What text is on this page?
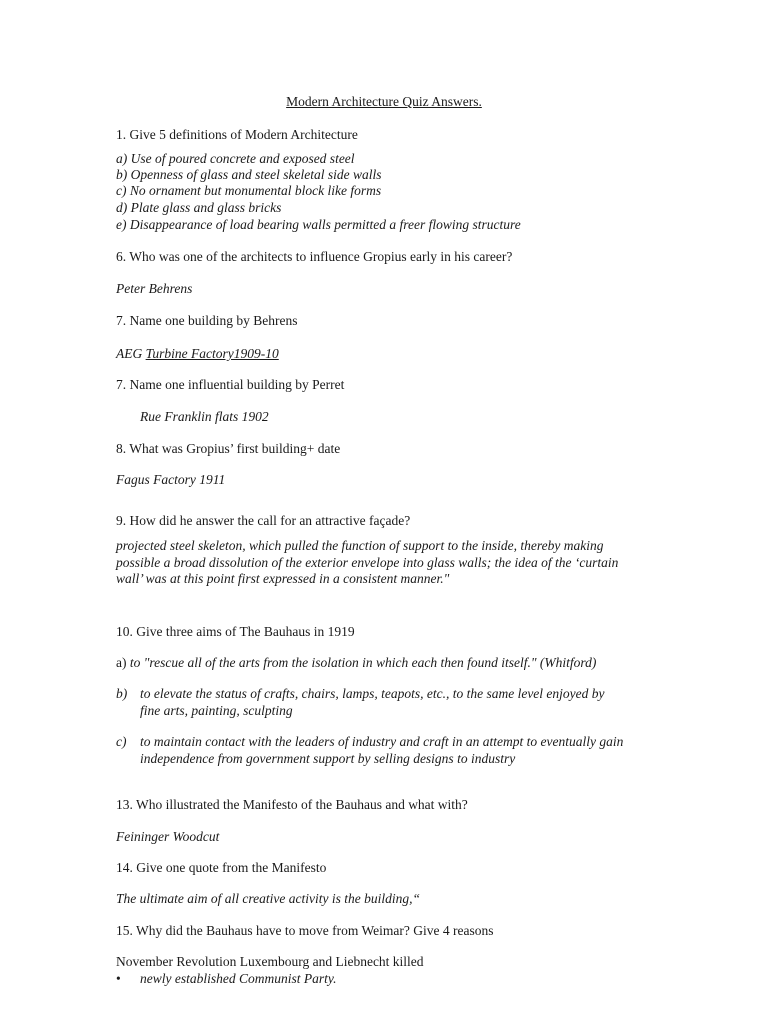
Modern Architecture Quiz Answers.
1. Give 5 definitions of Modern Architecture
a) Use of poured concrete and exposed steel
b) Openness of glass and steel skeletal side walls
c) No ornament but monumental block like forms
d) Plate glass and glass bricks
e) Disappearance of load bearing walls permitted a freer flowing structure
6. Who was one of the architects to influence Gropius early in his career?
Peter Behrens
7. Name one building by Behrens
AEG Turbine Factory1909-10
7. Name one influential building by Perret
Rue Franklin flats 1902
8. What was Gropius’ first building+ date
Fagus Factory 1911
9. How did he answer the call for an attractive façade?
projected steel skeleton, which pulled the function of support to the inside, thereby making
possible a broad dissolution of the exterior envelope into glass walls; the idea of the ‘curtain
wall’ was at this point first expressed in a consistent manner."
10. Give three aims of The Bauhaus in 1919
a) to "rescue all of the arts from the isolation in which each then found itself." (Whitford)
b) to elevate the status of crafts, chairs, lamps, teapots, etc., to the same level enjoyed by
fine arts, painting, sculpting
c) to maintain contact with the leaders of industry and craft in an attempt to eventually gain
independence from government support by selling designs to industry
13. Who illustrated the Manifesto of the Bauhaus and what with?
Feininger Woodcut
14. Give one quote from the Manifesto
The ultimate aim of all creative activity is the building,“
15. Why did the Bauhaus have to move from Weimar? Give 4 reasons
November Revolution Luxembourg and Liebnecht killed
• newly established Communist Party.
